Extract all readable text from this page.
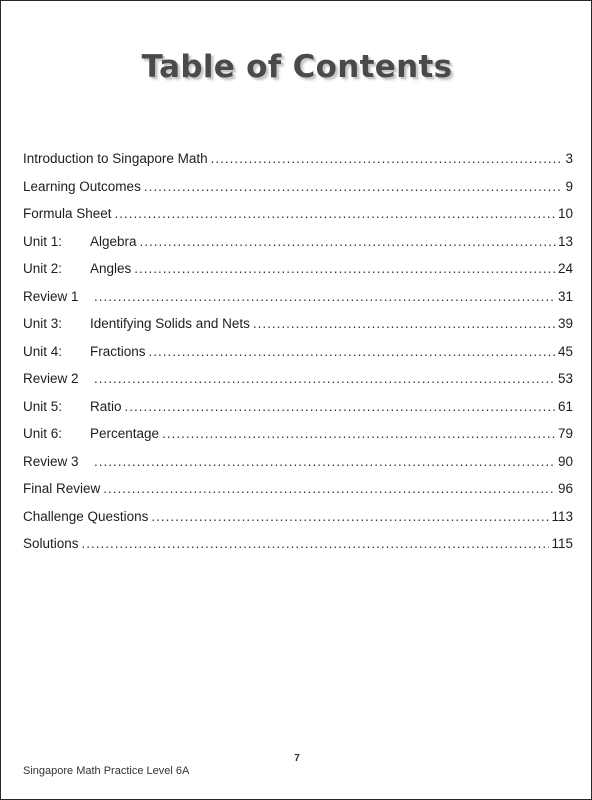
Table of Contents
Introduction to Singapore Math .....	3
Learning Outcomes .....	9
Formula Sheet .....	10
Unit 1:	Algebra .....	13
Unit 2:	Angles .....	24
Review 1 .....	31
Unit 3:	Identifying Solids and Nets .....	39
Unit 4:	Fractions .....	45
Review 2 .....	53
Unit 5:	Ratio .....	61
Unit 6:	Percentage .....	79
Review 3 .....	90
Final Review .....	96
Challenge Questions .....	113
Solutions .....	115
7
Singapore Math Practice Level 6A
